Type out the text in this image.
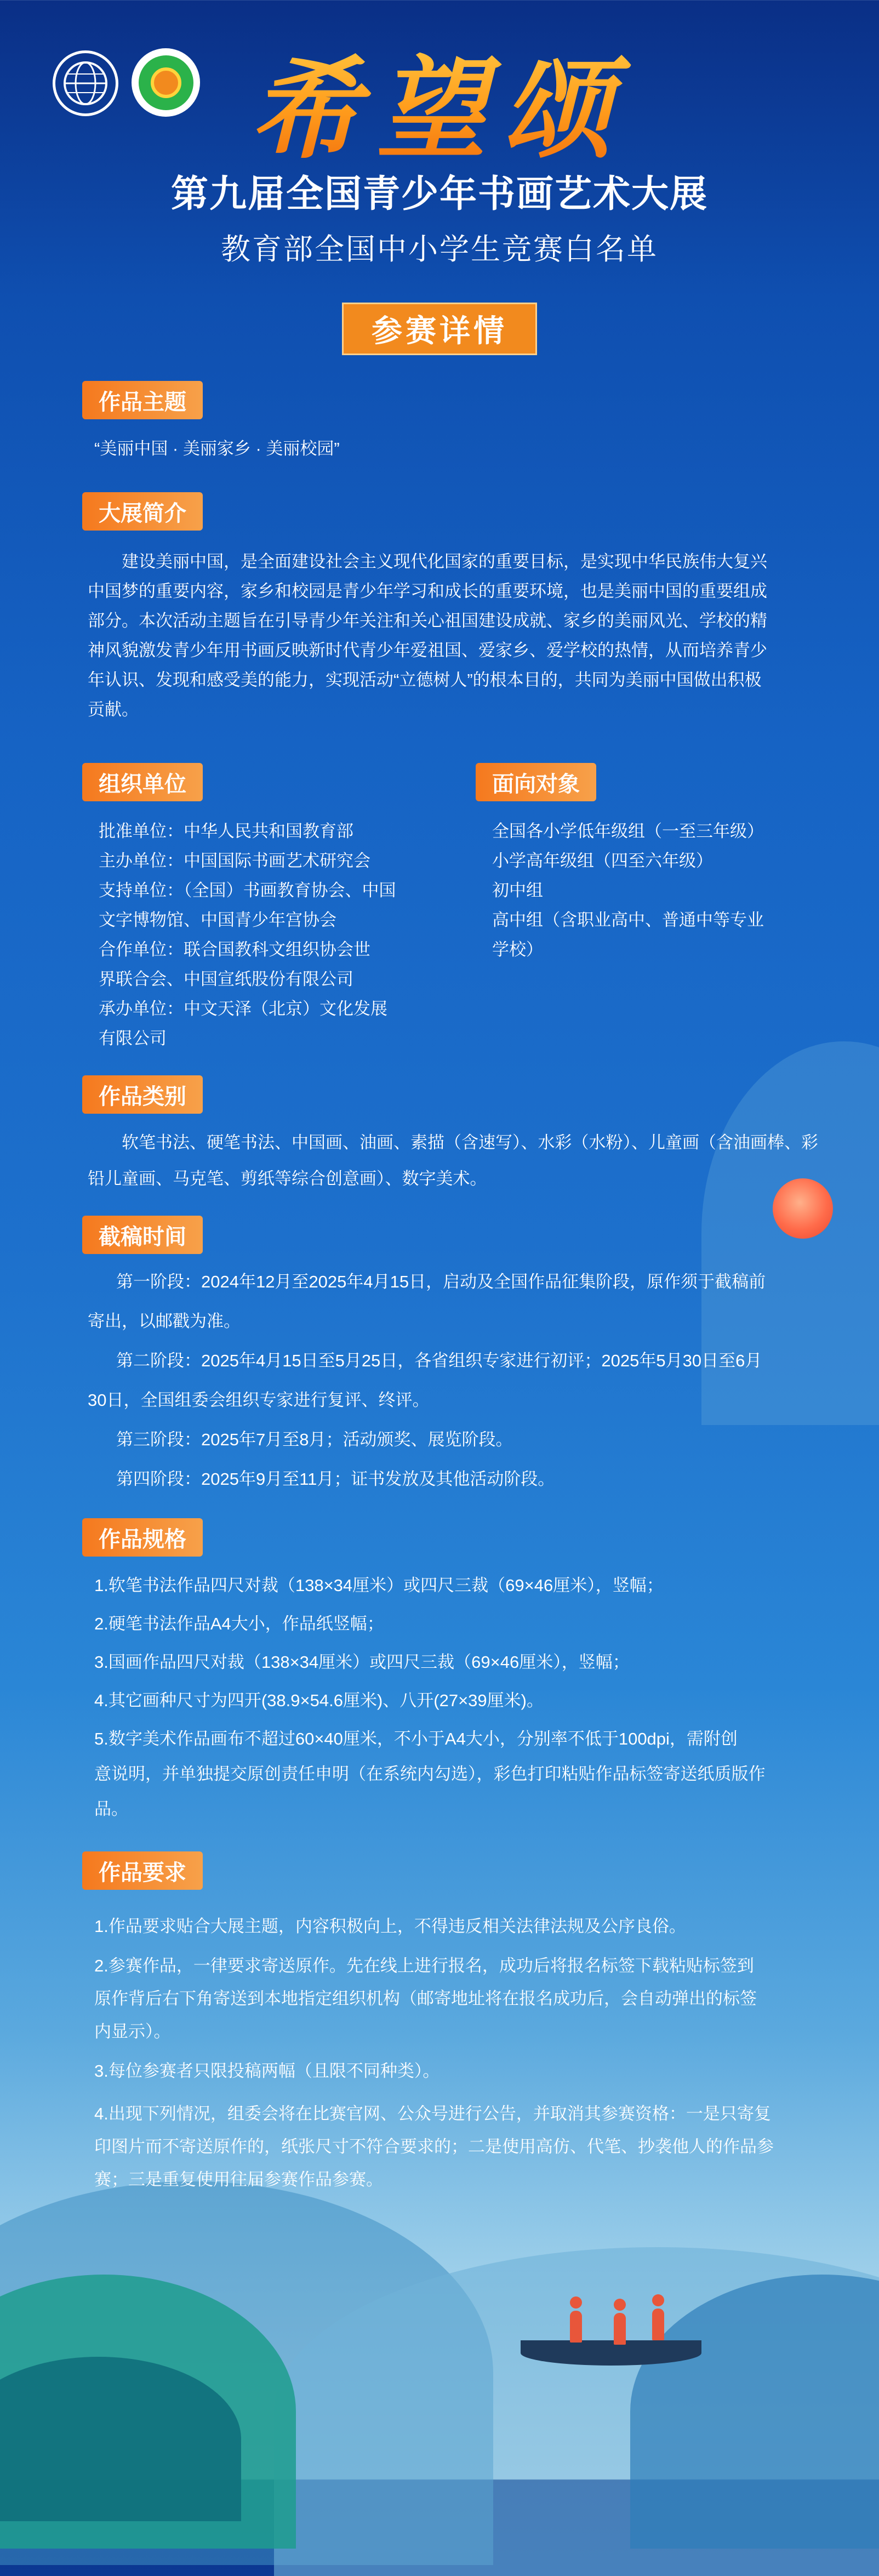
希望颂
第九届全国青少年书画艺术大展
教育部全国中小学生竞赛白名单
参赛详情
作品主题
“美丽中国 · 美丽家乡 · 美丽校园”
大展简介
建设美丽中国，是全面建设社会主义现代化国家的重要目标，是实现中华民族伟大复兴
中国梦的重要内容，家乡和校园是青少年学习和成长的重要环境，也是美丽中国的重要组成
部分。本次活动主题旨在引导青少年关注和关心祖国建设成就、家乡的美丽风光、学校的精
神风貌激发青少年用书画反映新时代青少年爱祖国、爱家乡、爱学校的热情，从而培养青少
年认识、发现和感受美的能力，实现活动“立德树人”的根本目的，共同为美丽中国做出积极
贡献。
组织单位
批准单位：中华人民共和国教育部
主办单位：中国国际书画艺术研究会
支持单位：（全国）书画教育协会、中国
文字博物馆、中国青少年宫协会
合作单位：联合国教科文组织协会世
界联合会、中国宣纸股份有限公司
承办单位：中文天泽（北京）文化发展
有限公司
面向对象
全国各小学低年级组（一至三年级）
小学高年级组（四至六年级）
初中组
高中组（含职业高中、普通中等专业
学校）
作品类别
软笔书法、硬笔书法、中国画、油画、素描（含速写）、水彩（水粉）、儿童画（含油画棒、彩
铅儿童画、马克笔、剪纸等综合创意画）、数字美术。
截稿时间
第一阶段：2024年12月至2025年4月15日，启动及全国作品征集阶段，原作须于截稿前
寄出，以邮戳为准。
第二阶段：2025年4月15日至5月25日，各省组织专家进行初评；2025年5月30日至6月
30日，全国组委会组织专家进行复评、终评。
第三阶段：2025年7月至8月；活动颁奖、展览阶段。
第四阶段：2025年9月至11月；证书发放及其他活动阶段。
作品规格
1.软笔书法作品四尺对裁（138×34厘米）或四尺三裁（69×46厘米），竖幅；
2.硬笔书法作品A4大小，作品纸竖幅；
3.国画作品四尺对裁（138×34厘米）或四尺三裁（69×46厘米），竖幅；
4.其它画种尺寸为四开(38.9×54.6厘米)、八开(27×39厘米)。
5.数字美术作品画布不超过60×40厘米，不小于A4大小，分别率不低于100dpi，需附创
意说明，并单独提交原创责任申明（在系统内勾选），彩色打印粘贴作品标签寄送纸质版作
品。
作品要求
1.作品要求贴合大展主题，内容积极向上，不得违反相关法律法规及公序良俗。
2.参赛作品，一律要求寄送原作。先在线上进行报名，成功后将报名标签下载粘贴标签到
原作背后右下角寄送到本地指定组织机构（邮寄地址将在报名成功后，会自动弹出的标签
内显示）。
3.每位参赛者只限投稿两幅（且限不同种类）。
4.出现下列情况，组委会将在比赛官网、公众号进行公告，并取消其参赛资格：一是只寄复
印图片而不寄送原作的，纸张尺寸不符合要求的；二是使用高仿、代笔、抄袭他人的作品参
赛；三是重复使用往届参赛作品参赛。
